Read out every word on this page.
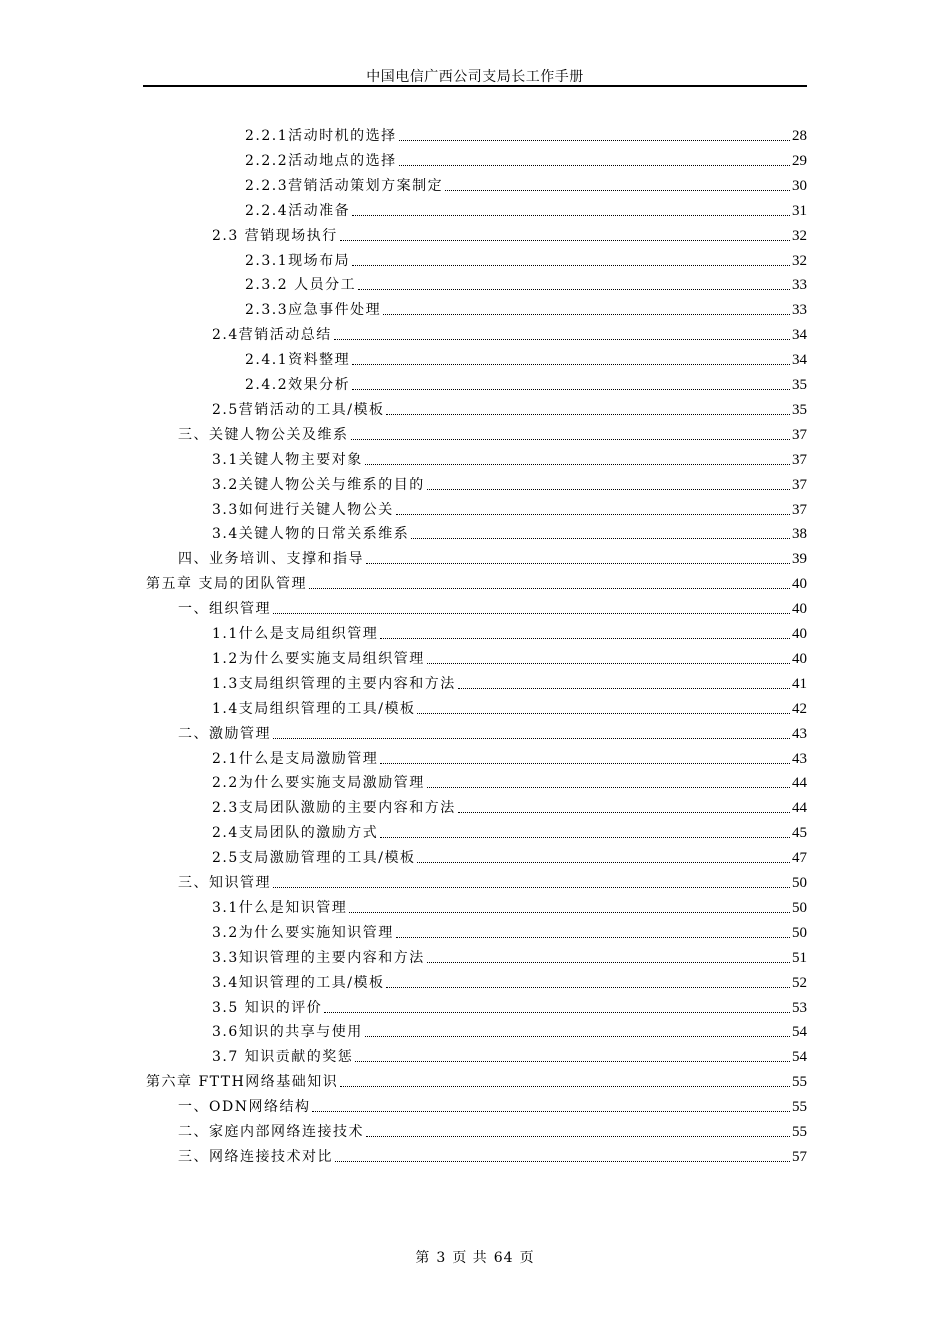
中国电信广西公司支局长工作手册
2.2.1活动时机的选择	28
2.2.2活动地点的选择	29
2.2.3营销活动策划方案制定	30
2.2.4活动准备	31
2.3 营销现场执行	32
2.3.1现场布局	32
2.3.2 人员分工	33
2.3.3应急事件处理	33
2.4营销活动总结	34
2.4.1资料整理	34
2.4.2效果分析	35
2.5营销活动的工具/模板	35
三、关键人物公关及维系	37
3.1关键人物主要对象	37
3.2关键人物公关与维系的目的	37
3.3如何进行关键人物公关	37
3.4关键人物的日常关系维系	38
四、业务培训、支撑和指导	39
第五章 支局的团队管理	40
一、组织管理	40
1.1什么是支局组织管理	40
1.2为什么要实施支局组织管理	40
1.3支局组织管理的主要内容和方法	41
1.4支局组织管理的工具/模板	42
二、激励管理	43
2.1什么是支局激励管理	43
2.2为什么要实施支局激励管理	44
2.3支局团队激励的主要内容和方法	44
2.4支局团队的激励方式	45
2.5支局激励管理的工具/模板	47
三、知识管理	50
3.1什么是知识管理	50
3.2为什么要实施知识管理	50
3.3知识管理的主要内容和方法	51
3.4知识管理的工具/模板	52
3.5 知识的评价	53
3.6知识的共享与使用	54
3.7 知识贡献的奖惩	54
第六章 FTTH网络基础知识	55
一、ODN网络结构	55
二、家庭内部网络连接技术	55
三、网络连接技术对比	57
第 3 页 共 64 页
